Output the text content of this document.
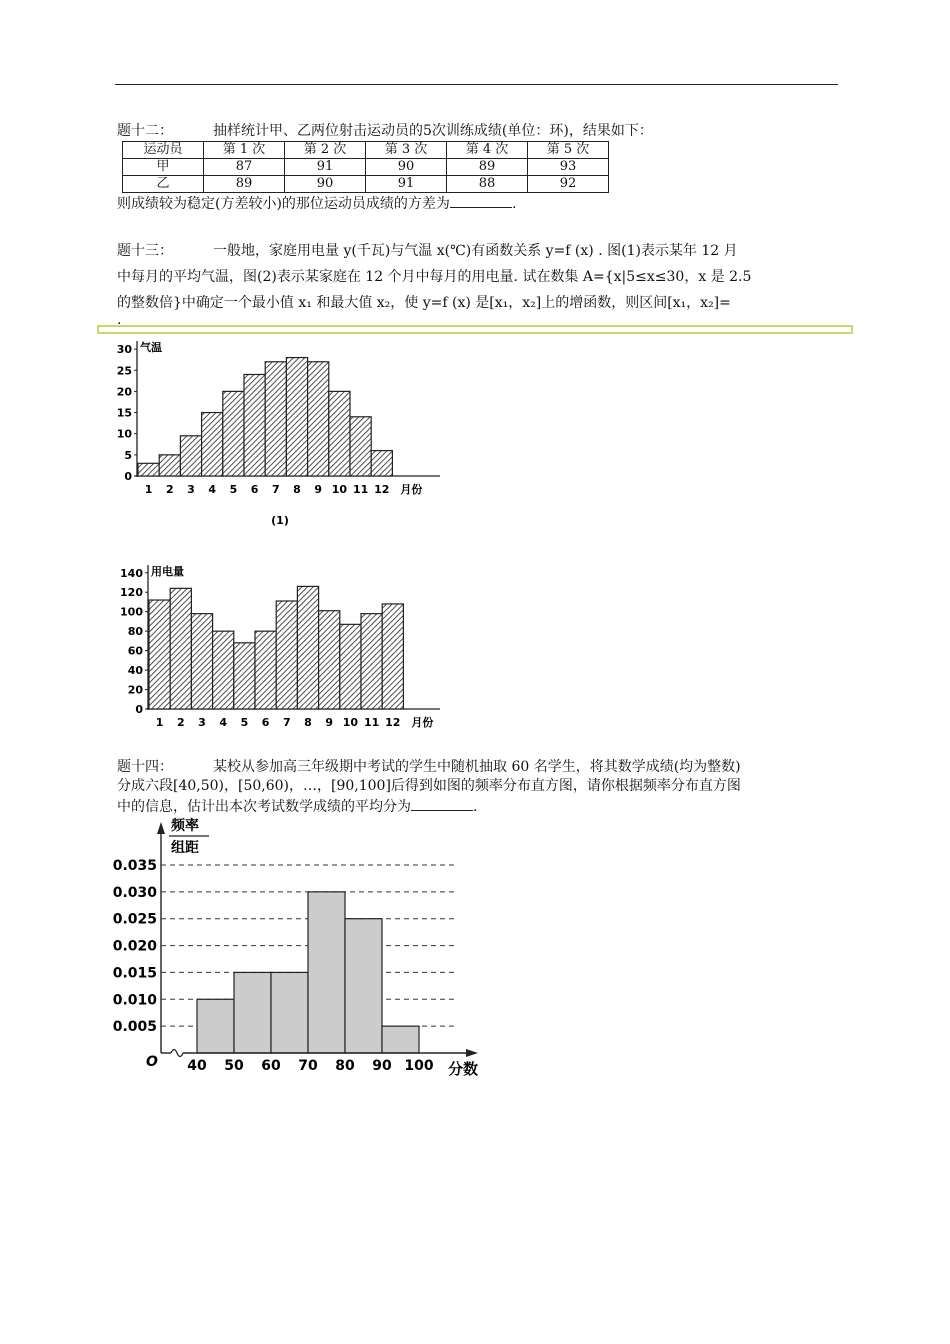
题十二：	抽样统计甲、乙两位射击运动员的5次训练成绩(单位：环)，结果如下：
运动员	第 1 次	第 2 次	第 3 次	第 4 次	第 5 次
甲	87	91	90	89	93
乙	89	90	91	88	92
则成绩较为稳定(方差较小)的那位运动员成绩的方差为	.
题十三：	一般地，家庭用电量 y(千瓦)与气温 x(℃)有函数关系 y=f (x) . 图(1)表示某年 12 月
中每月的平均气温，图(2)表示某家庭在 12 个月中每月的用电量. 试在数集 A={x|5≤x≤30，x 是 2.5
的整数倍}中确定一个最小值 x₁ 和最大值 x₂，使 y=f (x) 是[x₁，x₂]上的增函数，则区间[x₁，x₂]=
.
0
5
10
15
20
25
30
1 2 3 4 5 6 7 8 9 10 11 12 月份
气温
(1)
0
20
40
60
80
100
120
140
1 2 3 4 5 6 7 8 9 10 11 12 月份
用电量
0.005
0.010
0.015
0.020
0.025
0.030
0.035
40 50 60 70 80 90 100 分数
O
频率
组距
题十四：	某校从参加高三年级期中考试的学生中随机抽取 60 名学生，将其数学成绩(均为整数)
分成六段[40,50)，[50,60)，…，[90,100]后得到如图的频率分布直方图，请你根据频率分布直方图
中的信息，估计出本次考试数学成绩的平均分为	.
